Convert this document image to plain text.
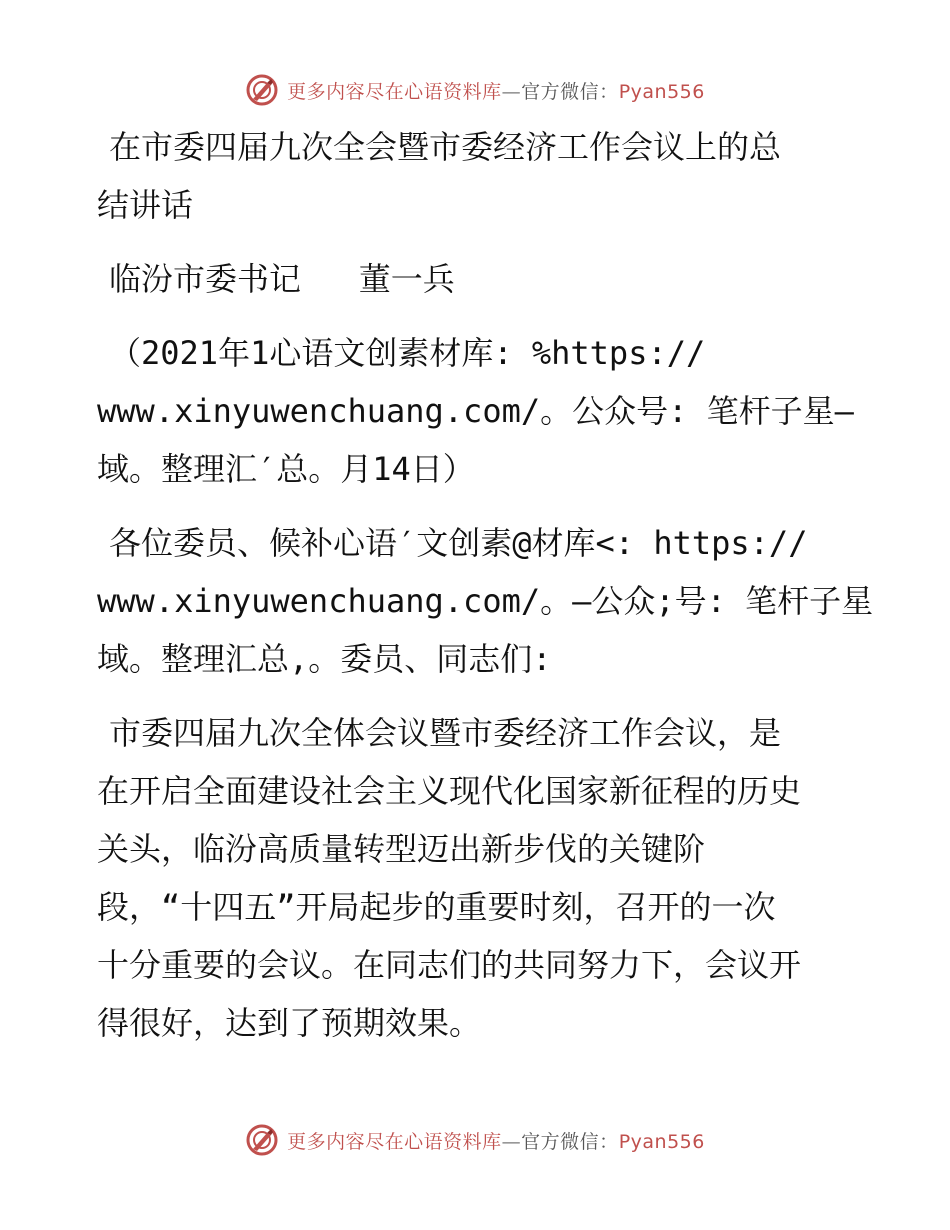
更多内容尽在心语资料库—官方微信：Pyan556
在市委四届九次全会暨市委经济工作会议上的总
结讲话
临汾市委书记   董一兵
（2021年1心语文创素材库: %https://
www.xinyuwenchuang.com/。公众号: 笔杆子星—
域。整理汇′总。月14日）
各位委员、候补心语′文创素@材库<: https://
www.xinyuwenchuang.com/。—公众;号: 笔杆子星
域。整理汇总,。委员、同志们:
市委四届九次全体会议暨市委经济工作会议，是
在开启全面建设社会主义现代化国家新征程的历史
关头，临汾高质量转型迈出新步伐的关键阶
段，“十四五”开局起步的重要时刻，召开的一次
十分重要的会议。在同志们的共同努力下，会议开
得很好，达到了预期效果。
更多内容尽在心语资料库—官方微信：Pyan556
